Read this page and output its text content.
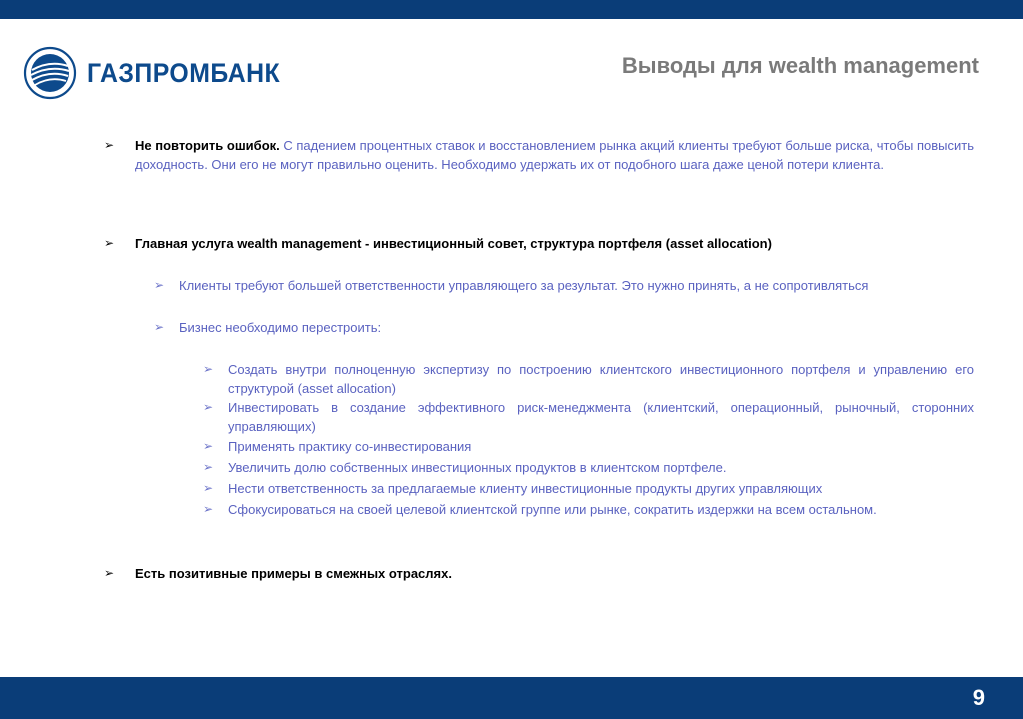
ГАЗПРОМБАНК	Выводы для wealth management
➢	Не повторить ошибок. С падением процентных ставок и восстановлением рынка акций клиенты требуют больше риска, чтобы повысить доходность. Они его не могут правильно оценить. Необходимо удержать их от подобного шага даже ценой потери клиента.
➢	Главная услуга wealth management - инвестиционный совет, структура портфеля (asset allocation)
➢	Клиенты требуют большей ответственности управляющего за результат. Это нужно принять, а не сопротивляться
➢	Бизнес необходимо перестроить:
➢	Создать внутри полноценную экспертизу по построению клиентского инвестиционного портфеля и управлению его структурой (asset allocation)
➢	Инвестировать в создание эффективного риск-менеджмента (клиентский, операционный, рыночный, сторонних управляющих)
➢	Применять практику со-инвестирования
➢	Увеличить долю собственных инвестиционных продуктов в клиентском портфеле.
➢	Нести ответственность за предлагаемые клиенту инвестиционные продукты других управляющих
➢	Сфокусироваться на своей целевой клиентской группе или рынке, сократить издержки на всем остальном.
➢	Есть позитивные примеры в смежных отраслях.
9
